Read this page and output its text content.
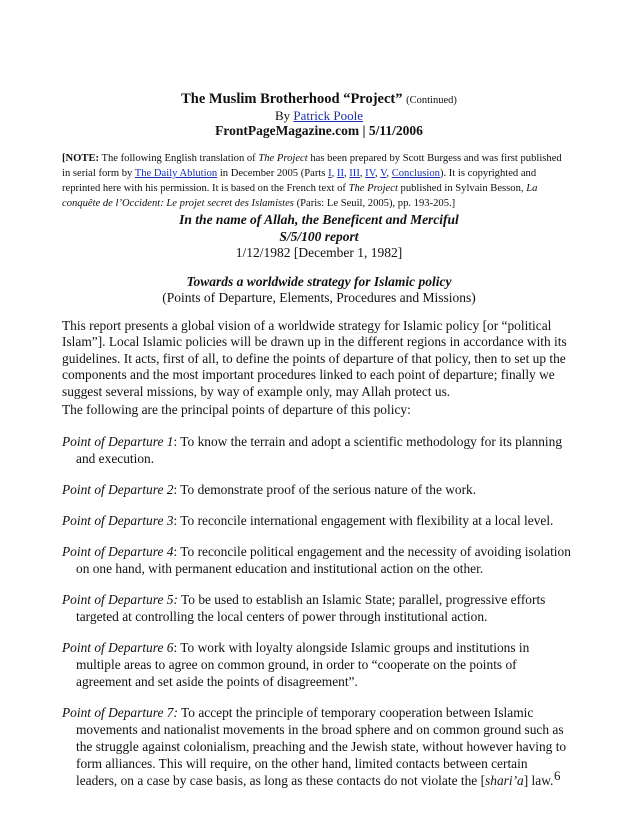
The Muslim Brotherhood “Project” (Continued)
By Patrick Poole
FrontPageMagazine.com | 5/11/2006
[NOTE: The following English translation of The Project has been prepared by Scott Burgess and was first published in serial form by The Daily Ablution in December 2005 (Parts I, II, III, IV, V, Conclusion). It is copyrighted and reprinted here with his permission. It is based on the French text of The Project published in Sylvain Besson, La conquête de l’Occident: Le projet secret des Islamistes (Paris: Le Seuil, 2005), pp. 193-205.]
In the name of Allah, the Beneficent and Merciful
S/5/100 report
1/12/1982 [December 1, 1982]
Towards a worldwide strategy for Islamic policy
(Points of Departure, Elements, Procedures and Missions)
This report presents a global vision of a worldwide strategy for Islamic policy [or “political Islam”]. Local Islamic policies will be drawn up in the different regions in accordance with its guidelines. It acts, first of all, to define the points of departure of that policy, then to set up the components and the most important procedures linked to each point of departure; finally we suggest several missions, by way of example only, may Allah protect us.
The following are the principal points of departure of this policy:
Point of Departure 1: To know the terrain and adopt a scientific methodology for its planning and execution.
Point of Departure 2: To demonstrate proof of the serious nature of the work.
Point of Departure 3: To reconcile international engagement with flexibility at a local level.
Point of Departure 4: To reconcile political engagement and the necessity of avoiding isolation on one hand, with permanent education and institutional action on the other.
Point of Departure 5: To be used to establish an Islamic State; parallel, progressive efforts targeted at controlling the local centers of power through institutional action.
Point of Departure 6: To work with loyalty alongside Islamic groups and institutions in multiple areas to agree on common ground, in order to “cooperate on the points of agreement and set aside the points of disagreement”.
Point of Departure 7: To accept the principle of temporary cooperation between Islamic movements and nationalist movements in the broad sphere and on common ground such as the struggle against colonialism, preaching and the Jewish state, without however having to form alliances. This will require, on the other hand, limited contacts between certain leaders, on a case by case basis, as long as these contacts do not violate the [shari’a] law. 6
